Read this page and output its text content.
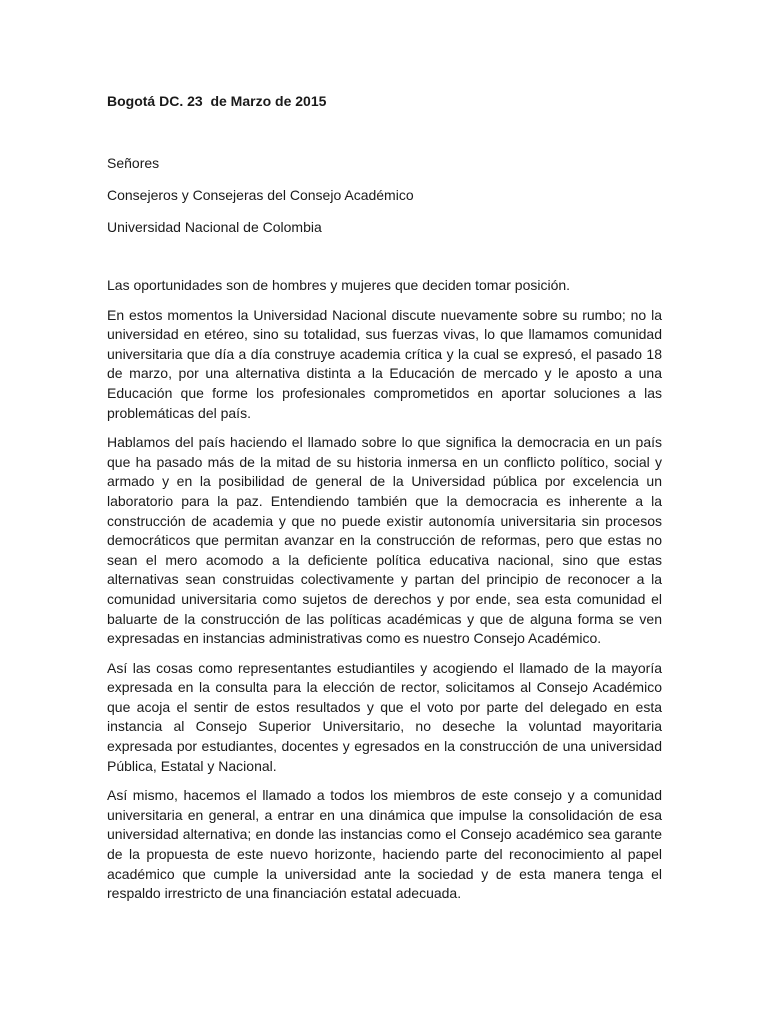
Bogotá DC. 23  de Marzo de 2015

Señores

Consejeros y Consejeras del Consejo Académico

Universidad Nacional de Colombia

Las oportunidades son de hombres y mujeres que deciden tomar posición.

En estos momentos la Universidad Nacional discute nuevamente sobre su rumbo; no la universidad en etéreo, sino su totalidad, sus fuerzas vivas, lo que llamamos comunidad universitaria que día a día construye academia crítica y la cual se expresó, el pasado 18 de marzo, por una alternativa distinta a la Educación de mercado y le aposto a una Educación que forme los profesionales comprometidos en aportar soluciones a las problemáticas del país.

Hablamos del país haciendo el llamado sobre lo que significa la democracia en un país que ha pasado más de la mitad de su historia inmersa en un conflicto político, social y armado y en la posibilidad de general de la Universidad pública por excelencia un laboratorio para la paz. Entendiendo también que la democracia es inherente a la construcción de academia y que no puede existir autonomía universitaria sin procesos democráticos que permitan avanzar en la construcción de reformas, pero que estas no sean el mero acomodo a la deficiente política educativa nacional, sino que estas alternativas sean construidas colectivamente y partan del principio de reconocer a la comunidad universitaria como sujetos de derechos y por ende, sea esta comunidad el baluarte de la construcción de las políticas académicas y que de alguna forma se ven expresadas en instancias administrativas como es nuestro Consejo Académico.

Así las cosas como representantes estudiantiles y acogiendo el llamado de la mayoría expresada en la consulta para la elección de rector, solicitamos al Consejo Académico que acoja el sentir de estos resultados y que el voto por parte del delegado en esta instancia al Consejo Superior Universitario, no deseche la voluntad mayoritaria expresada por estudiantes, docentes y egresados en la construcción de una universidad Pública, Estatal y Nacional.

Así mismo, hacemos el llamado a todos los miembros de este consejo y a comunidad universitaria en general, a entrar en una dinámica que impulse la consolidación de esa universidad alternativa; en donde las instancias como el Consejo académico sea garante de la propuesta de este nuevo horizonte, haciendo parte del reconocimiento al papel académico que cumple la universidad ante la sociedad y de esta manera tenga el respaldo irrestricto de una financiación estatal adecuada.
